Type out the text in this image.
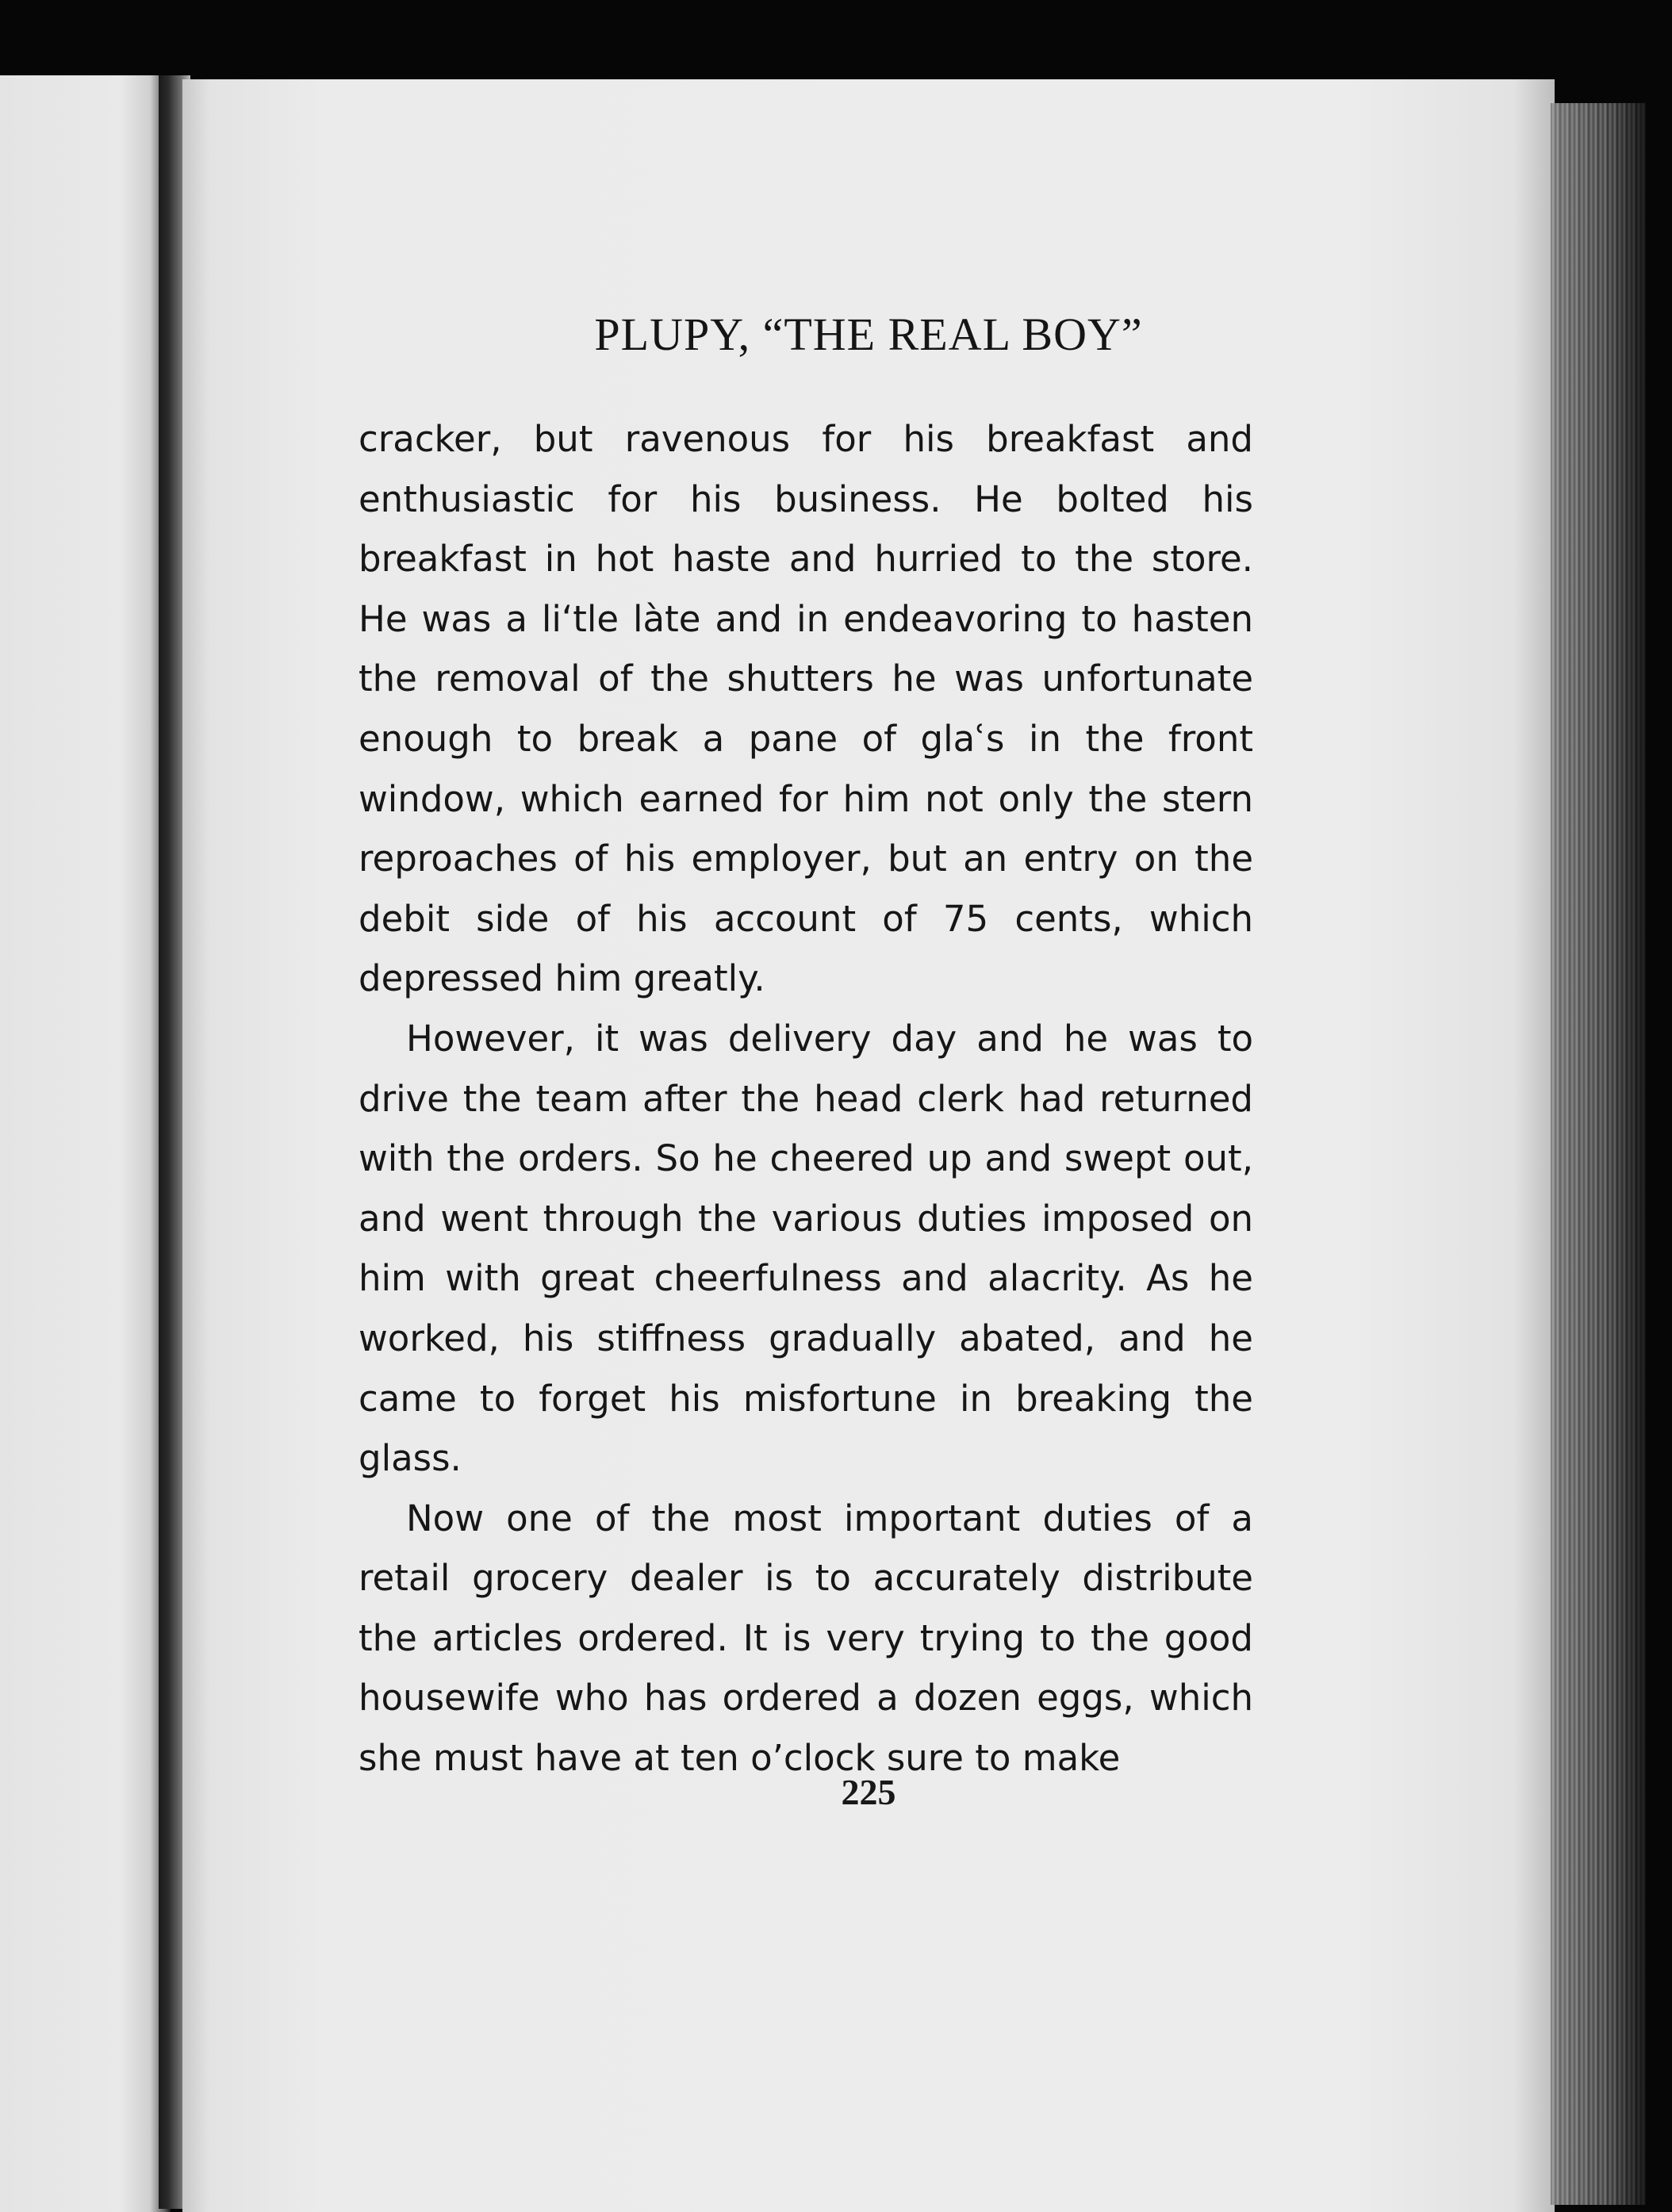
PLUPY, “THE REAL BOY”

cracker, but ravenous for his breakfast and enthusiastic for his business. He bolted his breakfast in hot haste and hurried to the store. He was a liʻtle làte and in endeavoring to hasten the removal of the shutters he was unfortunate enough to break a pane of glaʿs in the front window, which earned for him not only the stern reproaches of his employer, but an entry on the debit side of his account of 75 cents, which depressed him greatly.

However, it was delivery day and he was to drive the team after the head clerk had returned with the orders. So he cheered up and swept out, and went through the various duties imposed on him with great cheerfulness and alacrity. As he worked, his stiffness gradually abated, and he came to forget his misfortune in breaking the glass.

Now one of the most important duties of a retail grocery dealer is to accurately distribute the articles ordered. It is very trying to the good housewife who has ordered a dozen eggs, which she must have at ten o’clock sure to make

225
